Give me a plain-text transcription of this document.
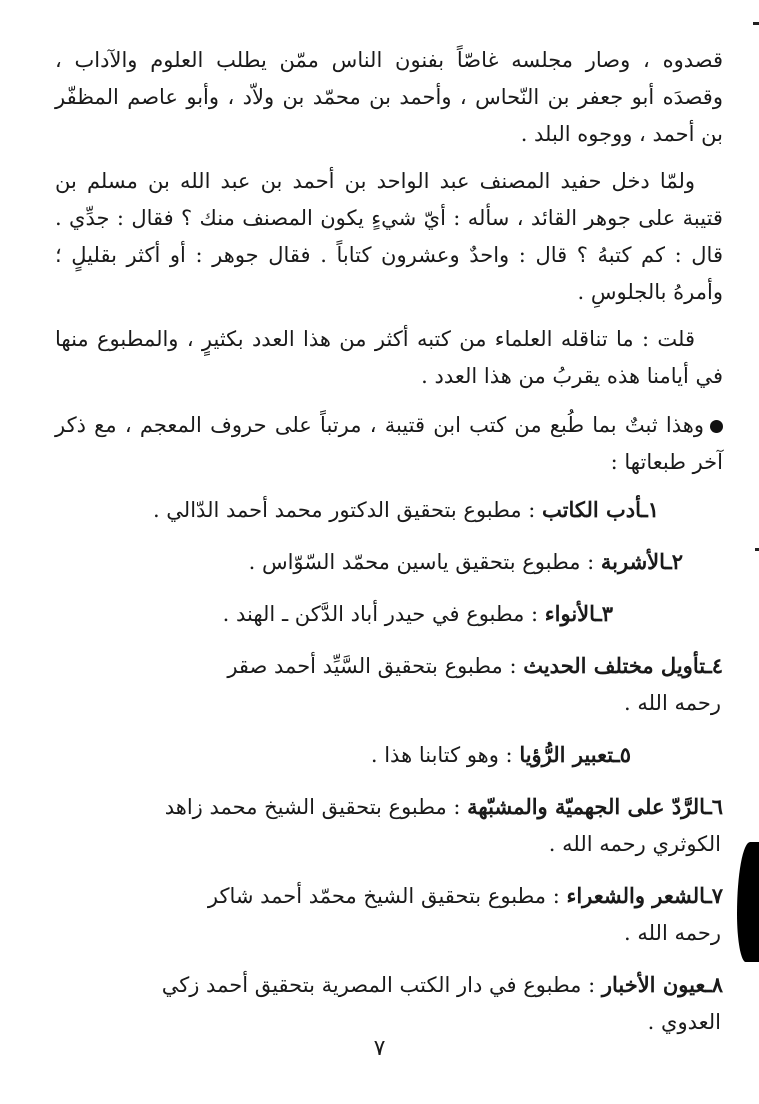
قصدوه ، وصار مجلسه غاصّاً بفنون الناس ممّن يطلب العلوم والآداب ، وقصدَه أبو جعفر بن النّحاس ، وأحمد بن محمّد بن ولاّد ، وأبو عاصم المظفّر بن أحمد ، ووجوه البلد .

ولمّا دخل حفيد المصنف عبد الواحد بن أحمد بن عبد الله بن مسلم بن قتيبة على جوهر القائد ، سأله : أيّ شيءٍ يكون المصنف منك ؟ فقال : جدِّي . قال : كم كتبهُ ؟ قال : واحدٌ وعشرون كتاباً . فقال جوهر : أو أكثر بقليلٍ ؛ وأمرهُ بالجلوسِ .

قلت : ما تناقله العلماء من كتبه أكثر من هذا العدد بكثيرٍ ، والمطبوع منها في أيامنا هذه يقربُ من هذا العدد .

وهذا ثبتٌ بما طُبع من كتب ابن قتيبة ، مرتباً على حروف المعجم ، مع ذكر آخر طبعاتها :

١ـأدب الكاتب : مطبوع بتحقيق الدكتور محمد أحمد الدّالي .

٢ـالأشربة : مطبوع بتحقيق ياسين محمّد السّوّاس .

٣ـالأنواء : مطبوع في حيدر أباد الدَّكن ـ الهند .

٤ـتأويل مختلف الحديث : مطبوع بتحقيق السَّيِّد أحمد صقر
رحمه الله .

٥ـتعبير الرُّؤيا : وهو كتابنا هذا .

٦ـالرَّدّ على الجهميّة والمشبّهة : مطبوع بتحقيق الشيخ محمد زاهد
الكوثري رحمه الله .

٧ـالشعر والشعراء : مطبوع بتحقيق الشيخ محمّد أحمد شاكر
رحمه الله .

٨ـعيون الأخبار : مطبوع في دار الكتب المصرية بتحقيق أحمد زكي
العدوي .

٧
